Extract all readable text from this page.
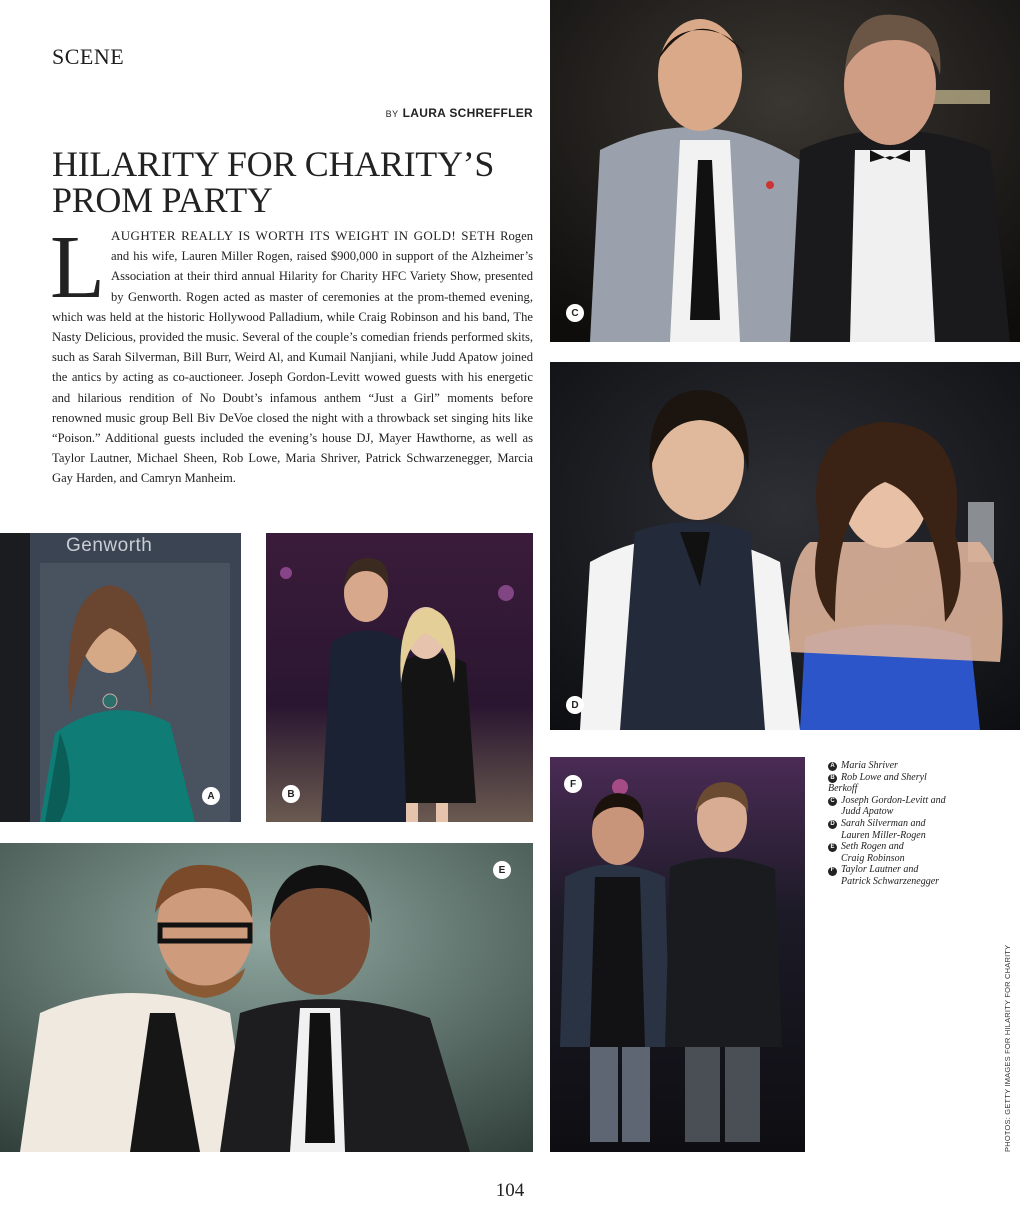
SCENE
BY LAURA SCHREFFLER
HILARITY FOR CHARITY’S
PROM PARTY

LAUGHTER REALLY IS WORTH ITS WEIGHT IN GOLD! SETH Rogen and his wife, Lauren Miller Rogen, raised $900,000 in support of the Alzheimer’s Association at their third annual Hilarity for Charity HFC Variety Show, presented by Genworth. Rogen acted as master of ceremonies at the prom-themed evening, which was held at the historic Hollywood Palladium, while Craig Robinson and his band, The Nasty Delicious, provided the music. Several of the couple’s comedian friends performed skits, such as Sarah Silverman, Bill Burr, Weird Al, and Kumail Nanjiani, while Judd Apatow joined the antics by acting as co-auctioneer. Joseph Gordon-Levitt wowed guests with his energetic and hilarious rendition of No Doubt’s infamous anthem “Just a Girl” moments before renowned music group Bell Biv DeVoe closed the night with a throwback set singing hits like “Poison.” Additional guests included the evening’s house DJ, Mayer Hawthorne, as well as Taylor Lautner, Michael Sheen, Rob Lowe, Maria Shriver, Patrick Schwarzenegger, Marcia Gay Harden, and Camryn Manheim.

C
D
Genworth
A	B
E
F
A Maria Shriver
B Rob Lowe and Sheryl
Berkoff
C Joseph Gordon-Levitt and
Judd Apatow
D Sarah Silverman and
Lauren Miller-Rogen
E Seth Rogen and
Craig Robinson
F Taylor Lautner and
Patrick Schwarzenegger
PHOTOS: GETTY IMAGES FOR HILARITY FOR CHARITY
104
